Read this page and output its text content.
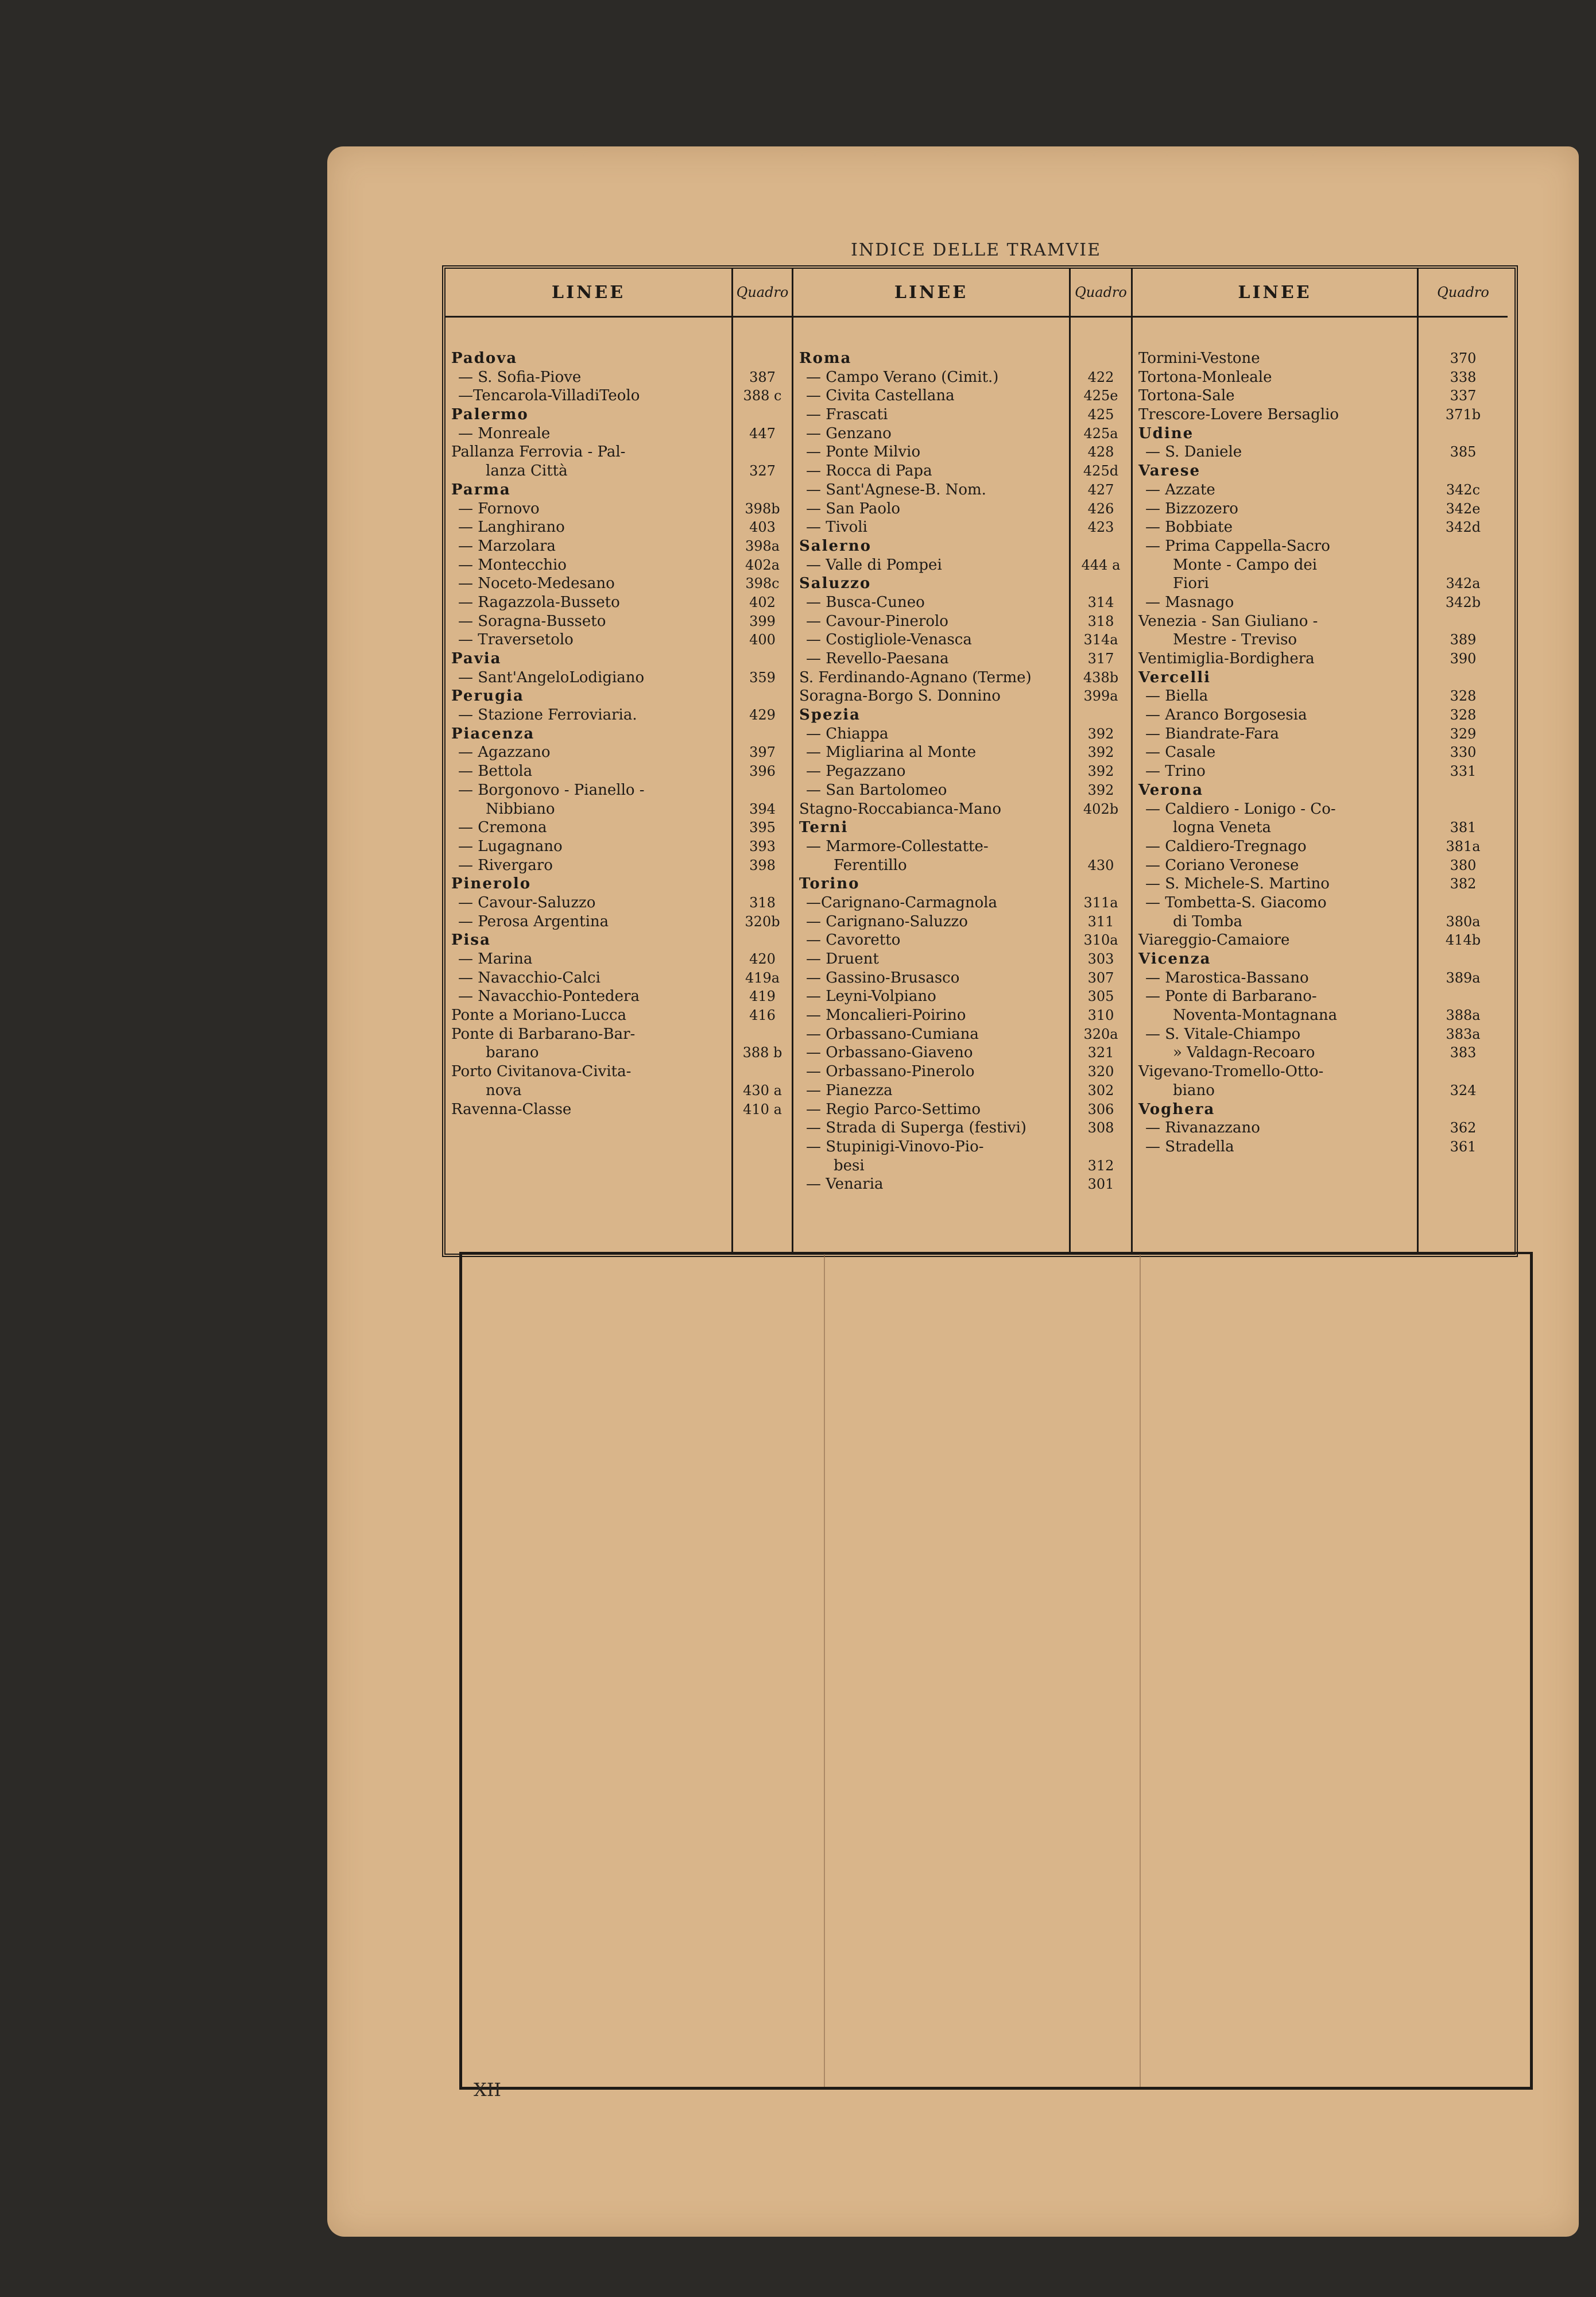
INDICE DELLE TRAMVIE
LINEE
Padova
— S. Sofia-Piove
—Tencarola-VilladiTeolo
Palermo
— Monreale
Pallanza Ferrovia - Pal-
lanza Città
Parma
— Fornovo
— Langhirano
— Marzolara
— Montecchio
— Noceto-Medesano
— Ragazzola-Busseto
— Soragna-Busseto
— Traversetolo
Pavia
— Sant'AngeloLodigiano
Perugia
— Stazione Ferroviaria.
Piacenza
— Agazzano
— Bettola
— Borgonovo - Pianello -
Nibbiano
— Cremona
— Lugagnano
— Rivergaro
Pinerolo
— Cavour-Saluzzo
— Perosa Argentina
Pisa
— Marina
— Navacchio-Calci
— Navacchio-Pontedera
Ponte a Moriano-Lucca
Ponte di Barbarano-Bar-
barano
Porto Civitanova-Civita-
nova
Ravenna-Classe
Quadro
387
388 c
447
327
398b
403
398a
402a
398c
402
399
400
359
429
397
396
394
395
393
398
318
320b
420
419a
419
416
388 b
430 a
410 a
LINEE
Roma
— Campo Verano (Cimit.)
— Civita Castellana
— Frascati
— Genzano
— Ponte Milvio
— Rocca di Papa
— Sant'Agnese-B. Nom.
— San Paolo
— Tivoli
Salerno
— Valle di Pompei
Saluzzo
— Busca-Cuneo
— Cavour-Pinerolo
— Costigliole-Venasca
— Revello-Paesana
S. Ferdinando-Agnano (Terme)
Soragna-Borgo S. Donnino
Spezia
— Chiappa
— Migliarina al Monte
— Pegazzano
— San Bartolomeo
Stagno-Roccabianca-Mano
Terni
— Marmore-Collestatte-
Ferentillo
Torino
—Carignano-Carmagnola
— Carignano-Saluzzo
— Cavoretto
— Druent
— Gassino-Brusasco
— Leyni-Volpiano
— Moncalieri-Poirino
— Orbassano-Cumiana
— Orbassano-Giaveno
— Orbassano-Pinerolo
— Pianezza
— Regio Parco-Settimo
— Strada di Superga (festivi)
— Stupinigi-Vinovo-Pio-
besi
— Venaria
Quadro
422
425e
425
425a
428
425d
427
426
423
444 a
314
318
314a
317
438b
399a
392
392
392
392
402b
430
311a
311
310a
303
307
305
310
320a
321
320
302
306
308
312
301
LINEE
Tormini-Vestone
Tortona-Monleale
Tortona-Sale
Trescore-Lovere Bersaglio
Udine
— S. Daniele
Varese
— Azzate
— Bizzozero
— Bobbiate
— Prima Cappella-Sacro
Monte - Campo dei
Fiori
— Masnago
Venezia - San Giuliano -
Mestre - Treviso
Ventimiglia-Bordighera
Vercelli
— Biella
— Aranco Borgosesia
— Biandrate-Fara
— Casale
— Trino
Verona
— Caldiero - Lonigo - Co-
logna Veneta
— Caldiero-Tregnago
— Coriano Veronese
— S. Michele-S. Martino
— Tombetta-S. Giacomo
di Tomba
Viareggio-Camaiore
Vicenza
— Marostica-Bassano
— Ponte di Barbarano-
Noventa-Montagnana
— S. Vitale-Chiampo
» Valdagn-Recoaro
Vigevano-Tromello-Otto-
biano
Voghera
— Rivanazzano
— Stradella
Quadro
370
338
337
371b
385
342c
342e
342d
342a
342b
389
390
328
328
329
330
331
381
381a
380
382
380a
414b
389a
388a
383a
383
324
362
361
XII
